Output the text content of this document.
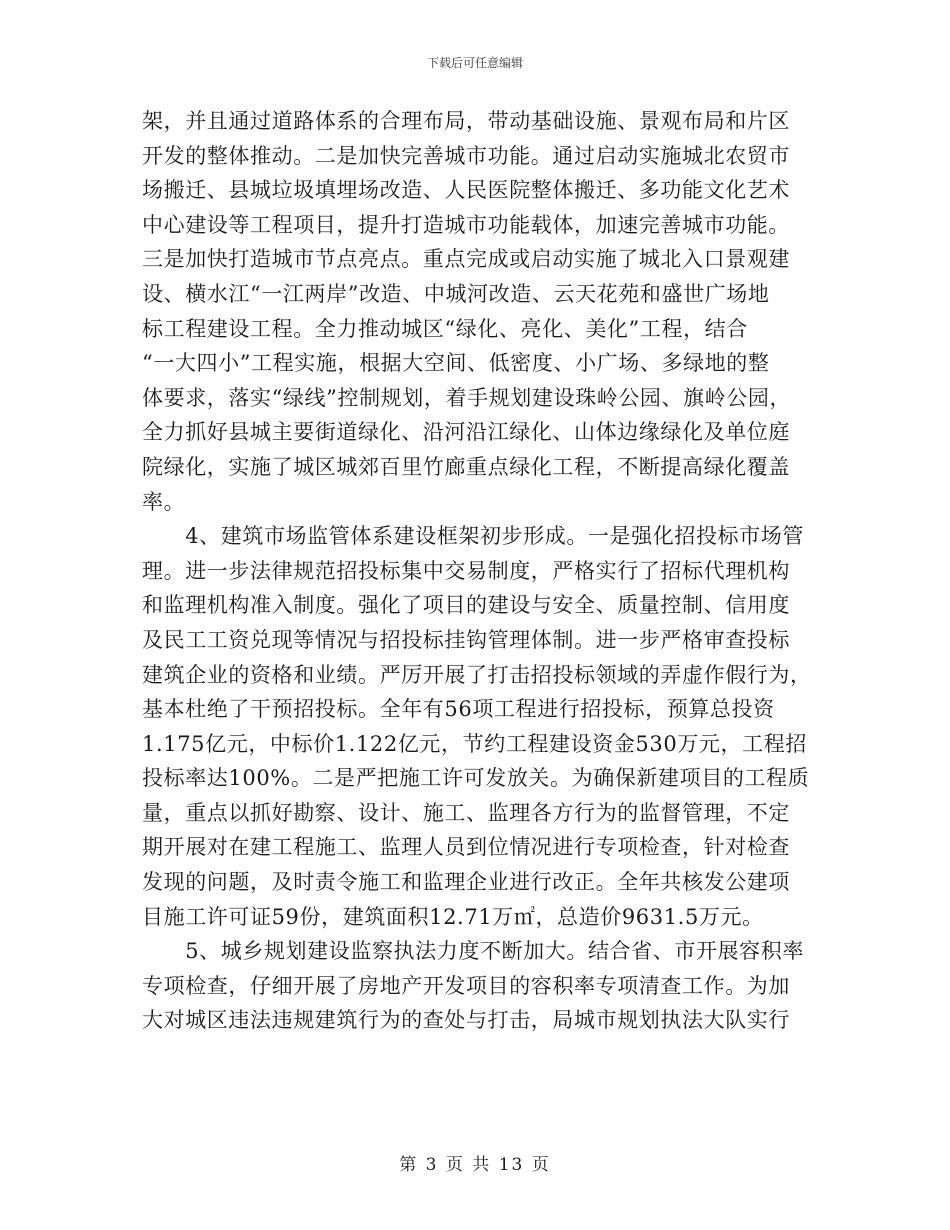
下载后可任意编辑
架，并且通过道路体系的合理布局，带动基础设施、景观布局和片区
开发的整体推动。二是加快完善城市功能。通过启动实施城北农贸市
场搬迁、县城垃圾填埋场改造、人民医院整体搬迁、多功能文化艺术
中心建设等工程项目，提升打造城市功能载体，加速完善城市功能。
三是加快打造城市节点亮点。重点完成或启动实施了城北入口景观建
设、横水江“一江两岸”改造、中城河改造、云天花苑和盛世广场地
标工程建设工程。全力推动城区“绿化、亮化、美化”工程，结合
“一大四小”工程实施，根据大空间、低密度、小广场、多绿地的整
体要求，落实“绿线”控制规划，着手规划建设珠岭公园、旗岭公园，
全力抓好县城主要街道绿化、沿河沿江绿化、山体边缘绿化及单位庭
院绿化，实施了城区城郊百里竹廊重点绿化工程，不断提高绿化覆盖
率。
　　4、建筑市场监管体系建设框架初步形成。一是强化招投标市场管
理。进一步法律规范招投标集中交易制度，严格实行了招标代理机构
和监理机构准入制度。强化了项目的建设与安全、质量控制、信用度
及民工工资兑现等情况与招投标挂钩管理体制。进一步严格审查投标
建筑企业的资格和业绩。严厉开展了打击招投标领域的弄虚作假行为，
基本杜绝了干预招投标。全年有56项工程进行招投标，预算总投资
1.175亿元，中标价1.122亿元，节约工程建设资金530万元，工程招
投标率达100%。二是严把施工许可发放关。为确保新建项目的工程质
量，重点以抓好勘察、设计、施工、监理各方行为的监督管理，不定
期开展对在建工程施工、监理人员到位情况进行专项检查，针对检查
发现的问题，及时责令施工和监理企业进行改正。全年共核发公建项
目施工许可证59份，建筑面积12.71万㎡，总造价9631.5万元。
　　5、城乡规划建设监察执法力度不断加大。结合省、市开展容积率
专项检查，仔细开展了房地产开发项目的容积率专项清查工作。为加
大对城区违法违规建筑行为的查处与打击，局城市规划执法大队实行
第 3 页 共 13 页
